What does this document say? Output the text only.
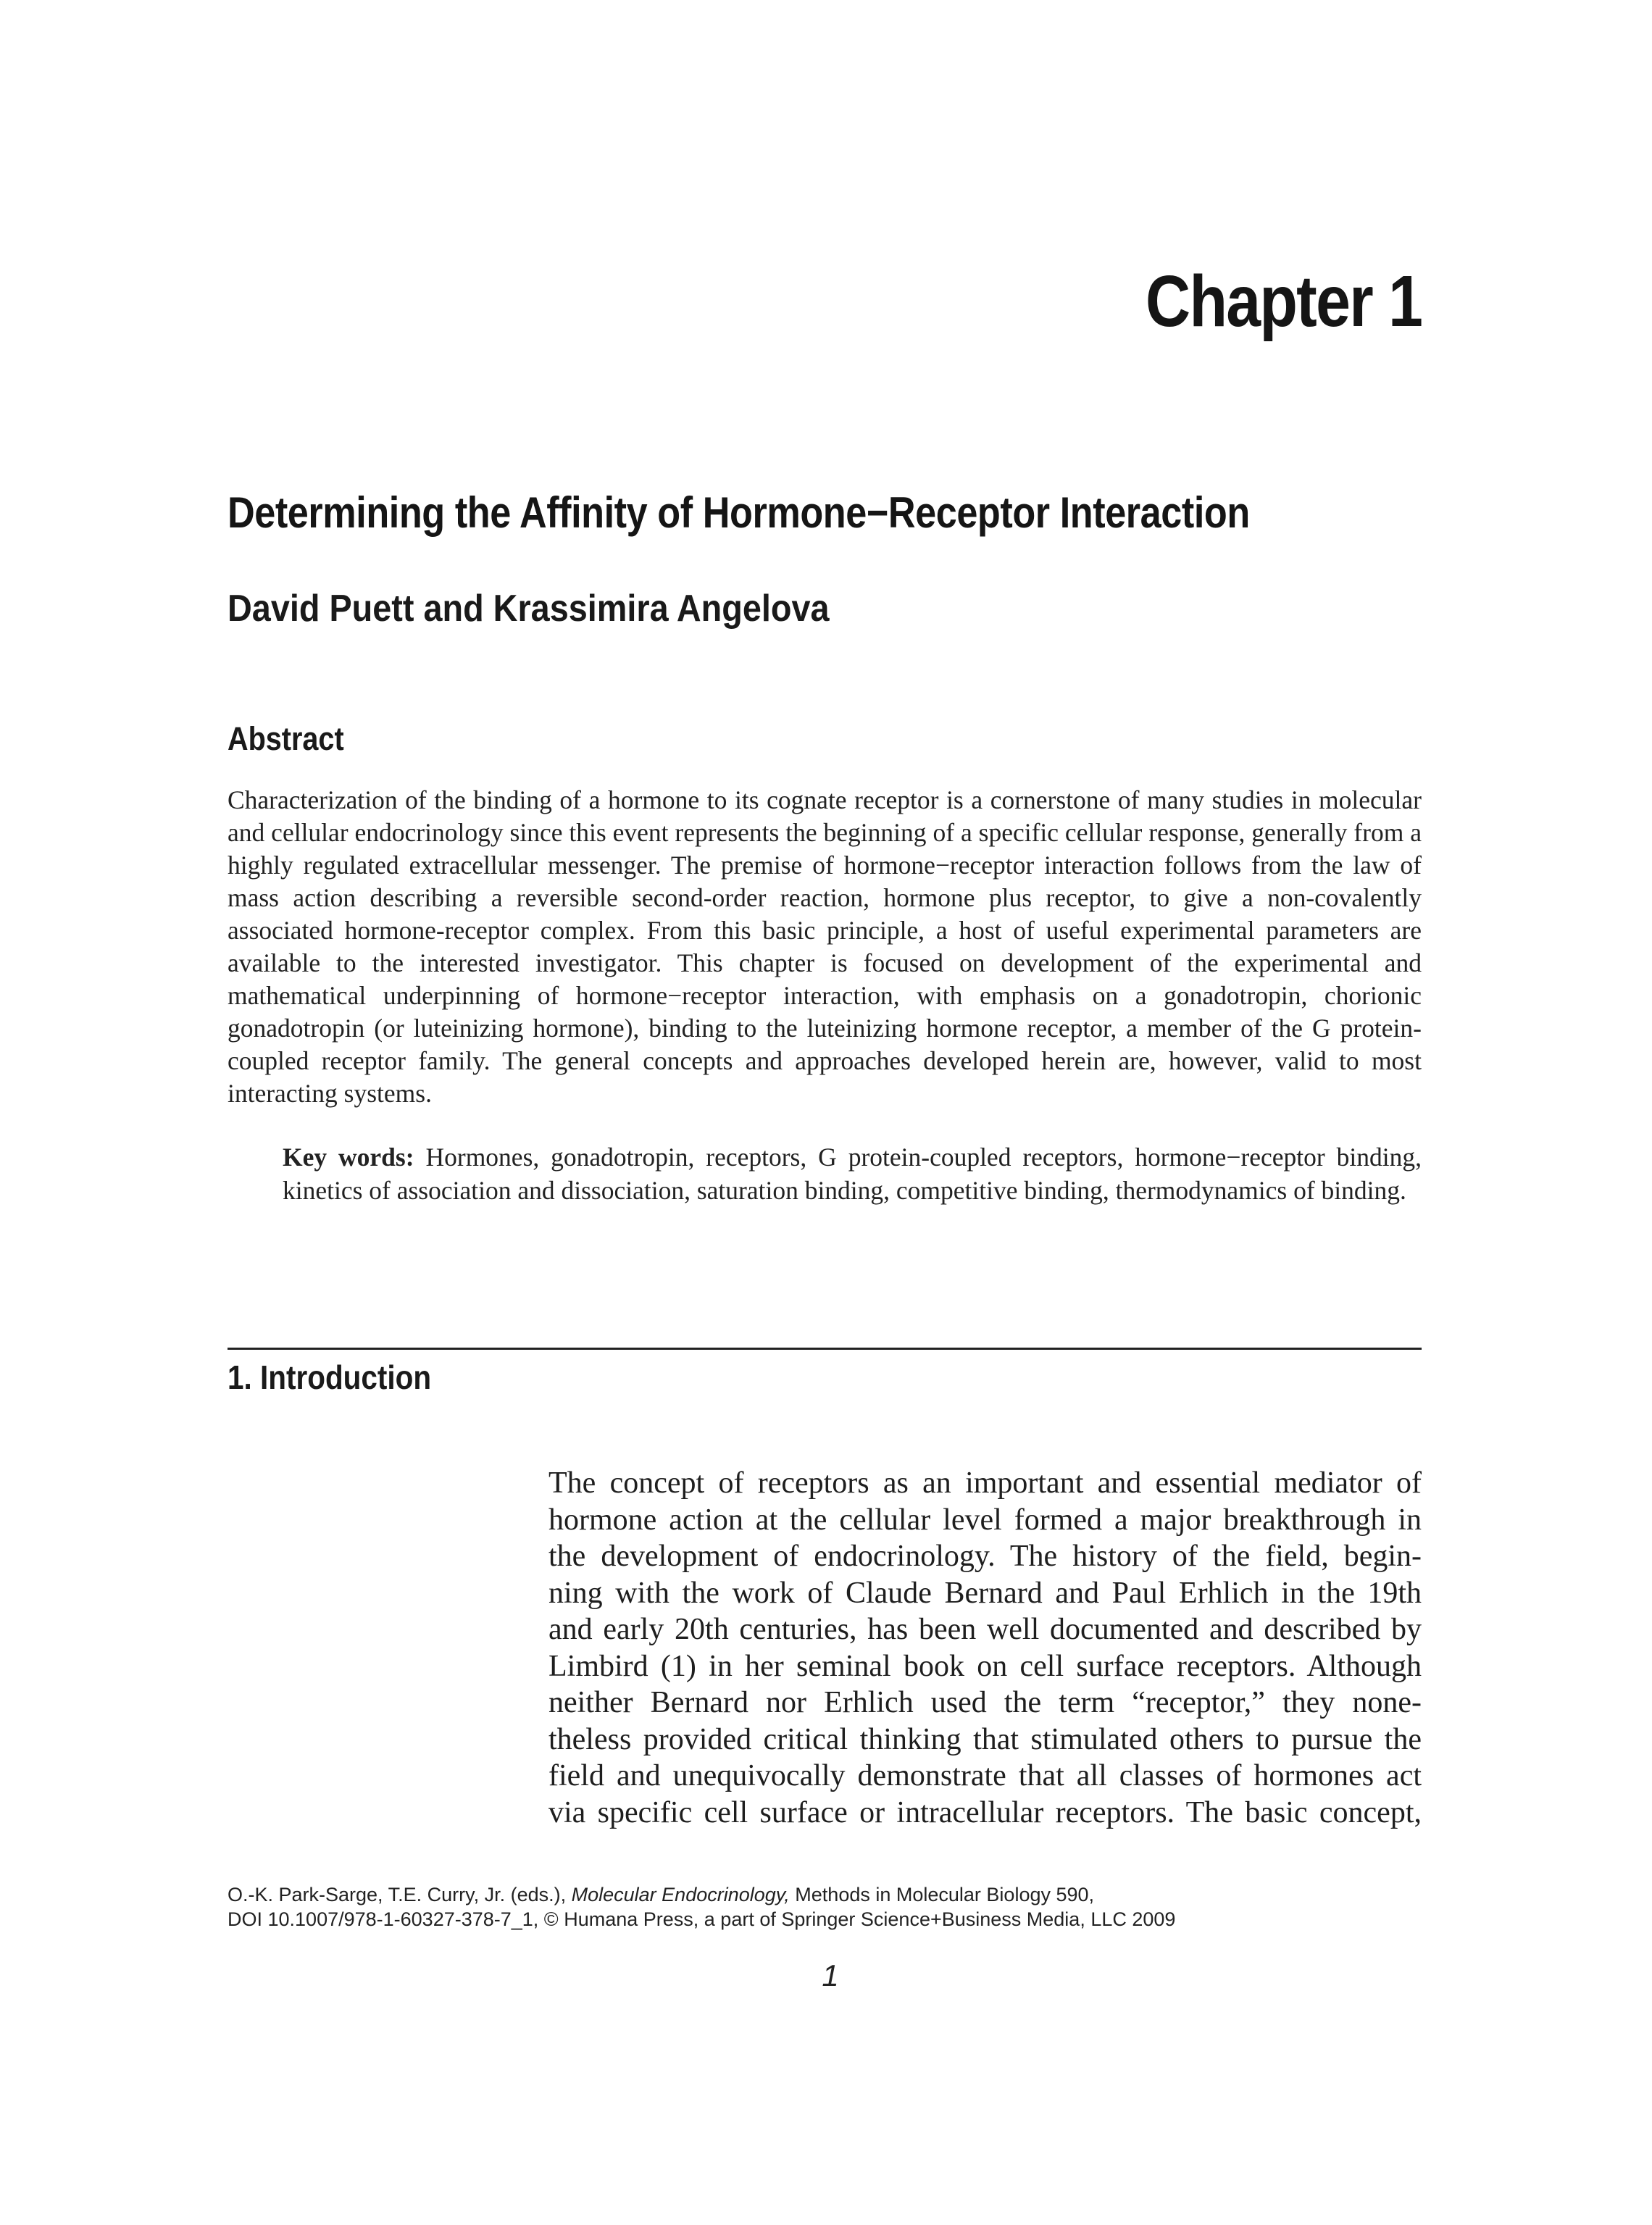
Chapter 1
Determining the Affinity of Hormone−Receptor Interaction
David Puett and Krassimira Angelova
Abstract
Characterization of the binding of a hormone to its cognate receptor is a cornerstone of many studies in molecular and cellular endocrinology since this event represents the beginning of a specific cellular response, generally from a highly regulated extracellular messenger. The premise of hormone−receptor interaction follows from the law of mass action describing a reversible second-order reaction, hormone plus receptor, to give a non-covalently associated hormone-receptor complex. From this basic principle, a host of useful experimental parameters are available to the interested investigator. This chapter is focused on development of the experimental and mathematical underpinning of hormone−receptor interaction, with emphasis on a gonadotropin, chorionic gonadotropin (or luteinizing hormone), binding to the luteinizing hormone receptor, a member of the G protein-coupled receptor family. The general concepts and approaches developed herein are, however, valid to most interacting systems.
Key words: Hormones, gonadotropin, receptors, G protein-coupled receptors, hormone−receptor binding, kinetics of association and dissociation, saturation binding, competitive binding, thermodynamics of binding.
1. Introduction
The concept of receptors as an important and essential mediator of
hormone action at the cellular level formed a major breakthrough in
the development of endocrinology. The history of the field, begin-
ning with the work of Claude Bernard and Paul Erhlich in the 19th
and early 20th centuries, has been well documented and described by
Limbird (1) in her seminal book on cell surface receptors. Although
neither Bernard nor Erhlich used the term “receptor,” they none-
theless provided critical thinking that stimulated others to pursue the
field and unequivocally demonstrate that all classes of hormones act
via specific cell surface or intracellular receptors. The basic concept,
O.-K. Park-Sarge, T.E. Curry, Jr. (eds.), Molecular Endocrinology, Methods in Molecular Biology 590,
DOI 10.1007/978-1-60327-378-7_1, © Humana Press, a part of Springer Science+Business Media, LLC 2009
1
